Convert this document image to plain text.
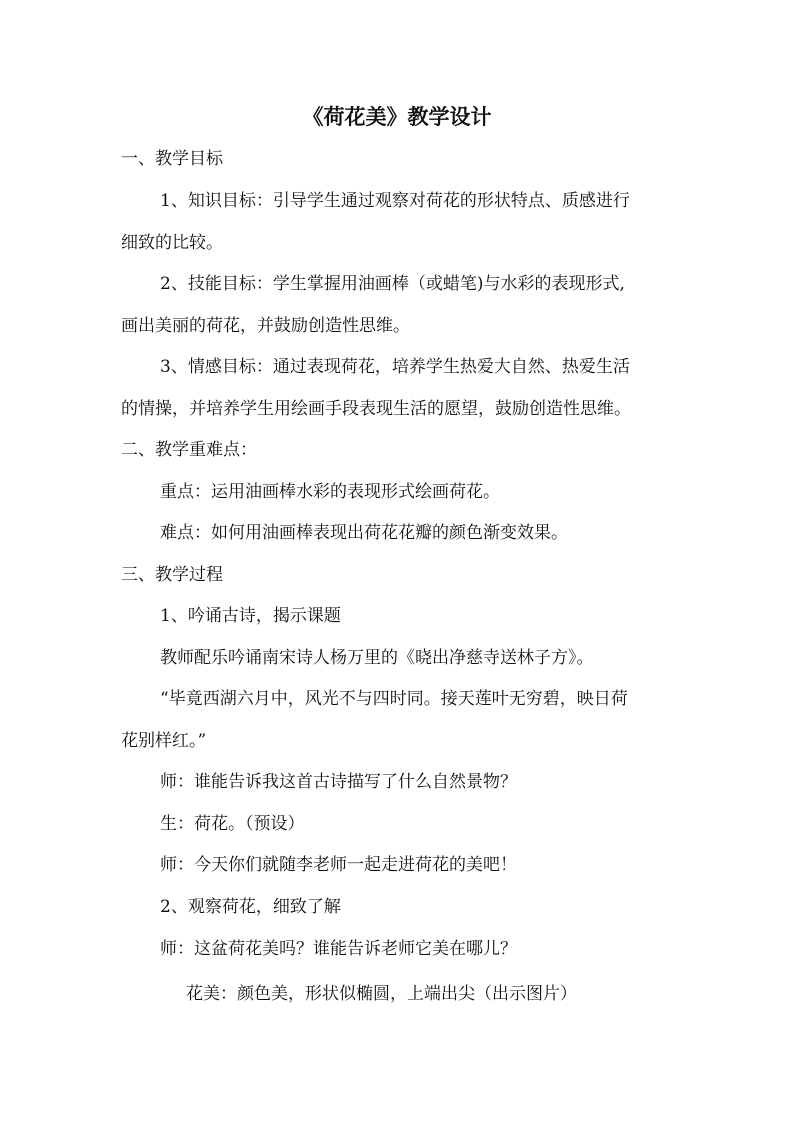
《荷花美》教学设计
一、教学目标
1、知识目标：引导学生通过观察对荷花的形状特点、质感进行
细致的比较。
2、技能目标：学生掌握用油画棒（或蜡笔)与水彩的表现形式,
画出美丽的荷花，并鼓励创造性思维。
3、情感目标：通过表现荷花，培养学生热爱大自然、热爱生活
的情操，并培养学生用绘画手段表现生活的愿望，鼓励创造性思维。
二、教学重难点：
重点：运用油画棒水彩的表现形式绘画荷花。
难点：如何用油画棒表现出荷花花瓣的颜色渐变效果。
三、教学过程
1、吟诵古诗，揭示课题
教师配乐吟诵南宋诗人杨万里的《晓出净慈寺送林子方》。
“毕竟西湖六月中，风光不与四时同。接天莲叶无穷碧，映日荷
花别样红。”
师：谁能告诉我这首古诗描写了什么自然景物？
生：荷花。（预设）
师：今天你们就随李老师一起走进荷花的美吧！
2、观察荷花，细致了解
师：这盆荷花美吗？谁能告诉老师它美在哪儿？
花美：颜色美，形状似椭圆，上端出尖（出示图片）
